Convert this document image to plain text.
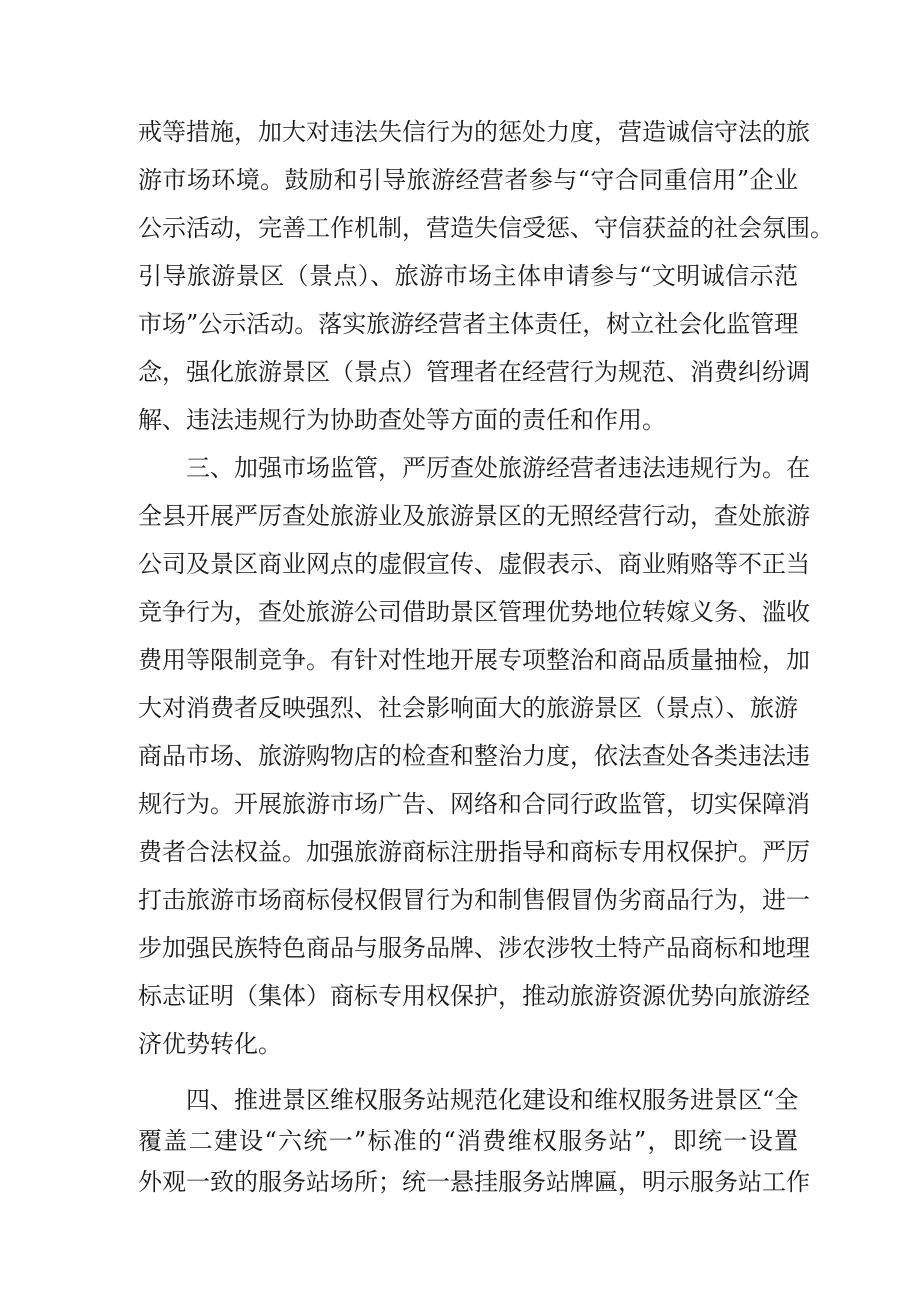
戒等措施，加大对违法失信行为的惩处力度，营造诚信守法的旅
游市场环境。鼓励和引导旅游经营者参与“守合同重信用”企业
公示活动，完善工作机制，营造失信受惩、守信获益的社会氛围。
引导旅游景区（景点）、旅游市场主体申请参与“文明诚信示范
市场”公示活动。落实旅游经营者主体责任，树立社会化监管理
念，强化旅游景区（景点）管理者在经营行为规范、消费纠纷调
解、违法违规行为协助查处等方面的责任和作用。
三、加强市场监管，严厉查处旅游经营者违法违规行为。在
全县开展严厉查处旅游业及旅游景区的无照经营行动，查处旅游
公司及景区商业网点的虚假宣传、虚假表示、商业贿赂等不正当
竞争行为，查处旅游公司借助景区管理优势地位转嫁义务、滥收
费用等限制竞争。有针对性地开展专项整治和商品质量抽检，加
大对消费者反映强烈、社会影响面大的旅游景区（景点）、旅游
商品市场、旅游购物店的检查和整治力度，依法查处各类违法违
规行为。开展旅游市场广告、网络和合同行政监管，切实保障消
费者合法权益。加强旅游商标注册指导和商标专用权保护。严厉
打击旅游市场商标侵权假冒行为和制售假冒伪劣商品行为，进一
步加强民族特色商品与服务品牌、涉农涉牧土特产品商标和地理
标志证明（集体）商标专用权保护，推动旅游资源优势向旅游经
济优势转化。
四、推进景区维权服务站规范化建设和维权服务进景区“全
覆盖二建设“六统一”标准的“消费维权服务站”，即统一设置
外观一致的服务站场所；统一悬挂服务站牌匾，明示服务站工作
